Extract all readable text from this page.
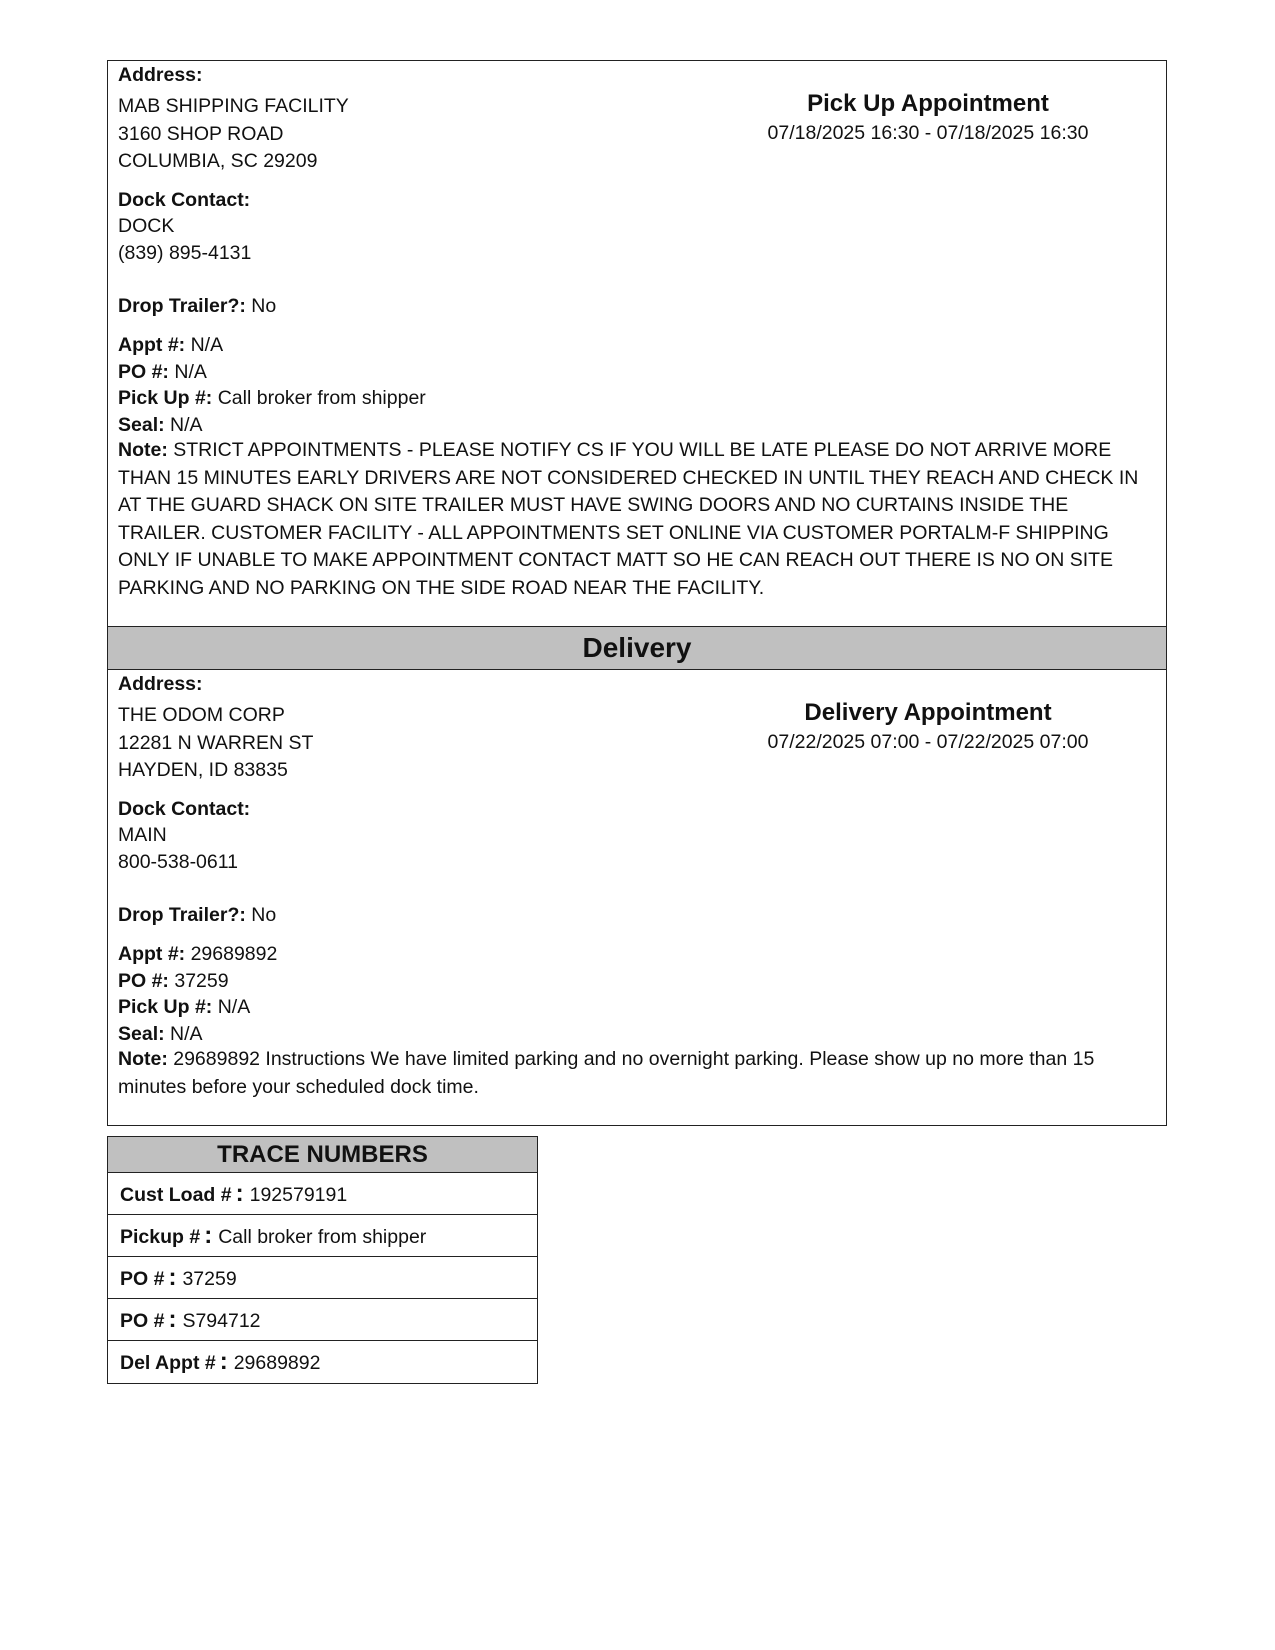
Address:
MAB SHIPPING FACILITY
3160 SHOP ROAD
COLUMBIA, SC 29209
Pick Up Appointment
07/18/2025 16:30 - 07/18/2025 16:30
Dock Contact:
DOCK
(839) 895-4131
Drop Trailer?: No
Appt #: N/A
PO #: N/A
Pick Up #: Call broker from shipper
Seal: N/A
Note: STRICT APPOINTMENTS - PLEASE NOTIFY CS IF YOU WILL BE LATE PLEASE DO NOT ARRIVE MORE THAN 15 MINUTES EARLY DRIVERS ARE NOT CONSIDERED CHECKED IN UNTIL THEY REACH AND CHECK IN AT THE GUARD SHACK ON SITE TRAILER MUST HAVE SWING DOORS AND NO CURTAINS INSIDE THE TRAILER. CUSTOMER FACILITY - ALL APPOINTMENTS SET ONLINE VIA CUSTOMER PORTALM-F SHIPPING ONLY IF UNABLE TO MAKE APPOINTMENT CONTACT MATT SO HE CAN REACH OUT THERE IS NO ON SITE PARKING AND NO PARKING ON THE SIDE ROAD NEAR THE FACILITY.
Delivery
Address:
THE ODOM CORP
12281 N WARREN ST
HAYDEN, ID 83835
Delivery Appointment
07/22/2025 07:00 - 07/22/2025 07:00
Dock Contact:
MAIN
800-538-0611
Drop Trailer?: No
Appt #: 29689892
PO #: 37259
Pick Up #: N/A
Seal: N/A
Note: 29689892 Instructions We have limited parking and no overnight parking. Please show up no more than 15 minutes before your scheduled dock time.
TRACE NUMBERS
Cust Load # : 192579191
Pickup # : Call broker from shipper
PO # : 37259
PO # : S794712
Del Appt # : 29689892
